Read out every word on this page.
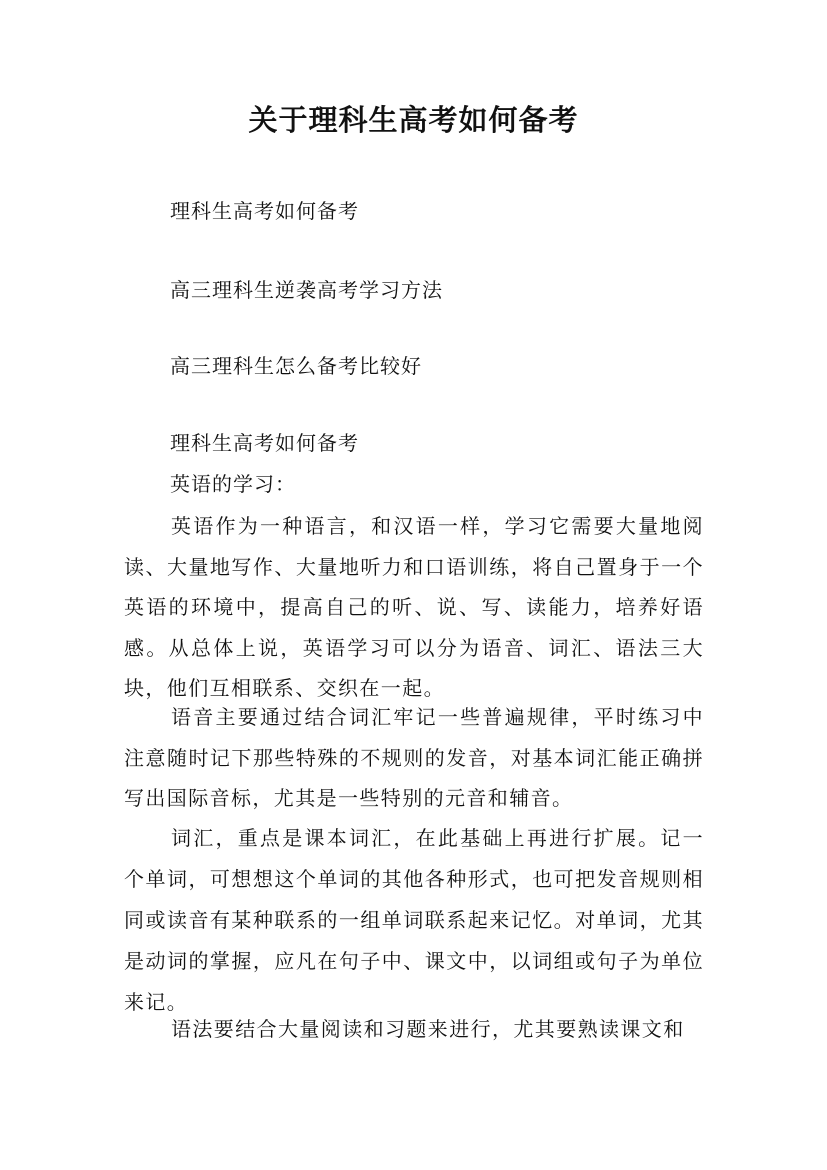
关于理科生高考如何备考
理科生高考如何备考
高三理科生逆袭高考学习方法
高三理科生怎么备考比较好
理科生高考如何备考
英语的学习：

英语作为一种语言，和汉语一样，学习它需要大量地阅读、大量地写作、大量地听力和口语训练，将自己置身于一个英语的环境中，提高自己的听、说、写、读能力，培养好语感。从总体上说，英语学习可以分为语音、词汇、语法三大块，他们互相联系、交织在一起。

语音主要通过结合词汇牢记一些普遍规律，平时练习中注意随时记下那些特殊的不规则的发音，对基本词汇能正确拼写出国际音标，尤其是一些特别的元音和辅音。

词汇，重点是课本词汇，在此基础上再进行扩展。记一个单词，可想想这个单词的其他各种形式，也可把发音规则相同或读音有某种联系的一组单词联系起来记忆。对单词，尤其是动词的掌握，应凡在句子中、课文中，以词组或句子为单位来记。

语法要结合大量阅读和习题来进行，尤其要熟读课文和
